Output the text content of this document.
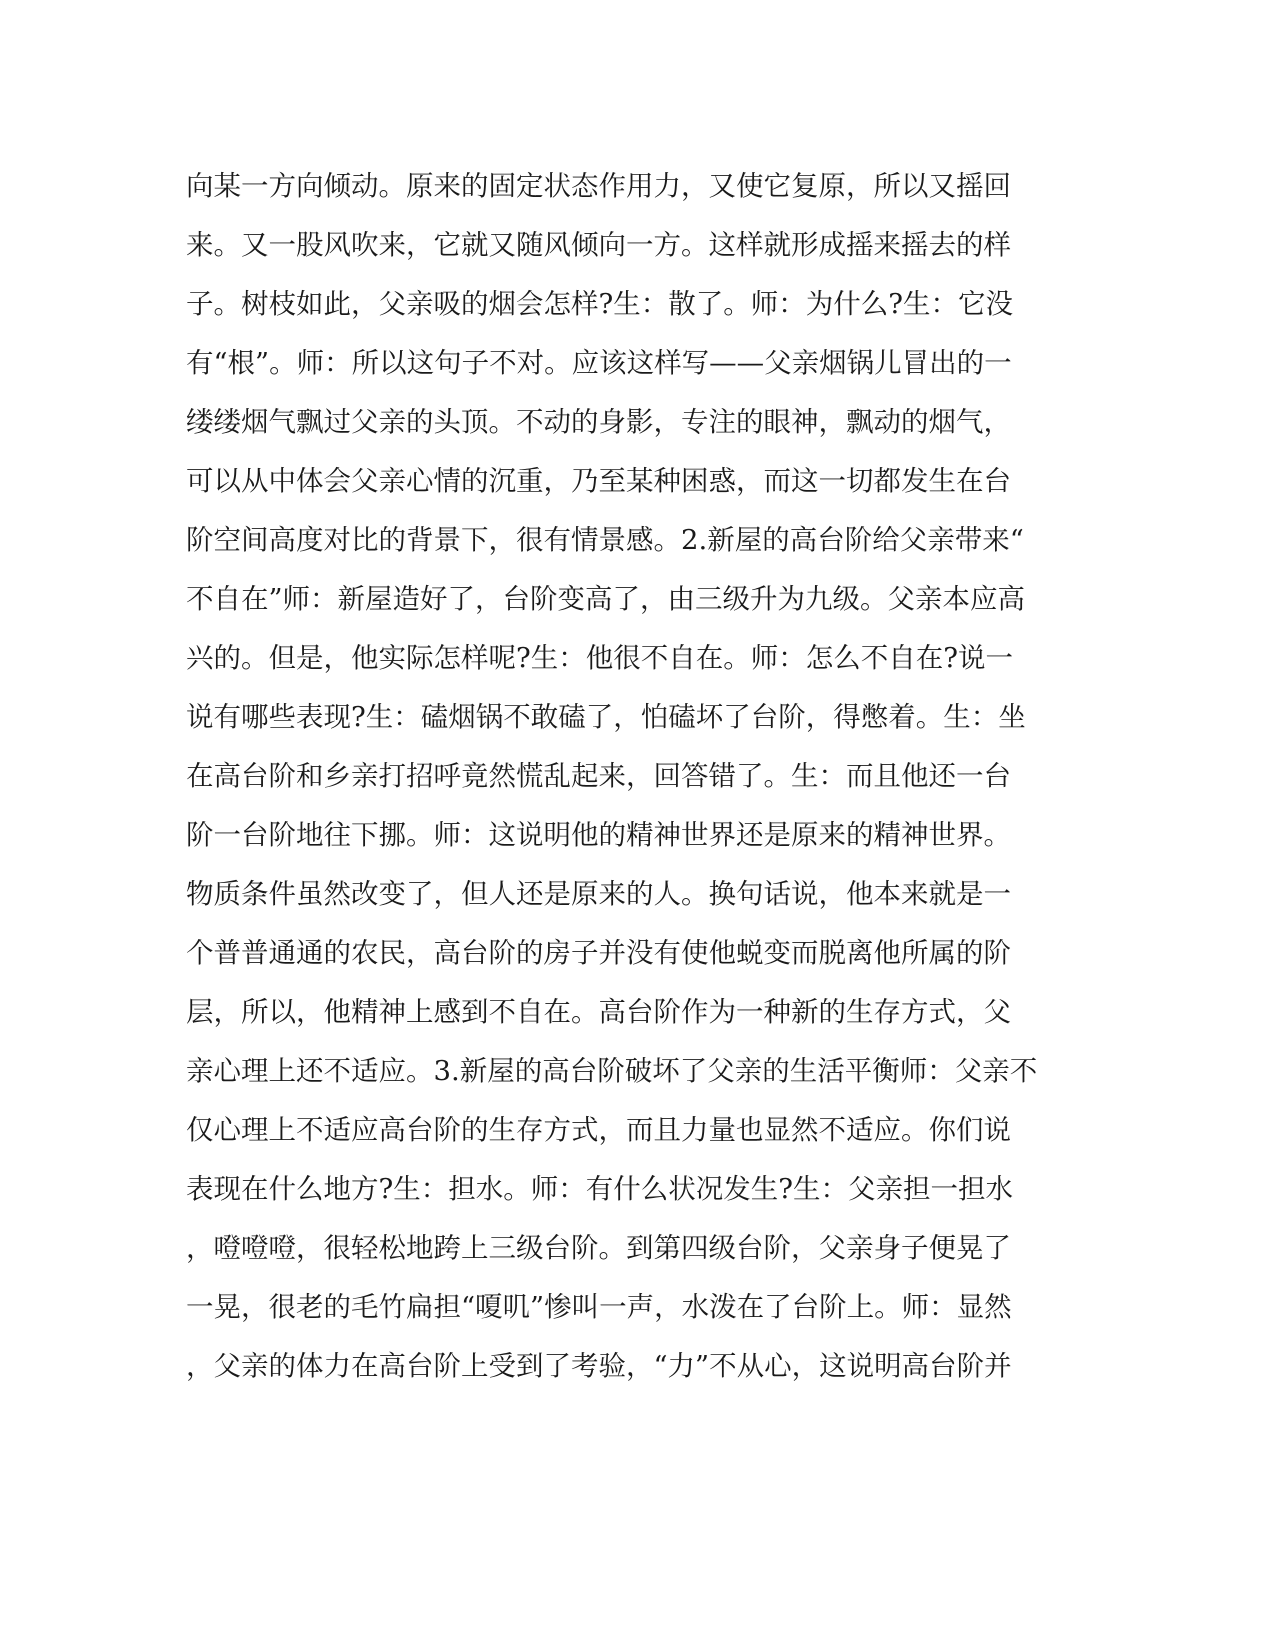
向某一方向倾动。原来的固定状态作用力，又使它复原，所以又摇回
来。又一股风吹来，它就又随风倾向一方。这样就形成摇来摇去的样
子。树枝如此，父亲吸的烟会怎样?生：散了。师：为什么?生：它没
有“根”。师：所以这句子不对。应该这样写——父亲烟锅儿冒出的一
缕缕烟气飘过父亲的头顶。不动的身影，专注的眼神，飘动的烟气，
可以从中体会父亲心情的沉重，乃至某种困惑，而这一切都发生在台
阶空间高度对比的背景下，很有情景感。2.新屋的高台阶给父亲带来“
不自在”师：新屋造好了，台阶变高了，由三级升为九级。父亲本应高
兴的。但是，他实际怎样呢?生：他很不自在。师：怎么不自在?说一
说有哪些表现?生：磕烟锅不敢磕了，怕磕坏了台阶，得憋着。生：坐
在高台阶和乡亲打招呼竟然慌乱起来，回答错了。生：而且他还一台
阶一台阶地往下挪。师：这说明他的精神世界还是原来的精神世界。
物质条件虽然改变了，但人还是原来的人。换句话说，他本来就是一
个普普通通的农民，高台阶的房子并没有使他蜕变而脱离他所属的阶
层，所以，他精神上感到不自在。高台阶作为一种新的生存方式，父
亲心理上还不适应。3.新屋的高台阶破坏了父亲的生活平衡师：父亲不
仅心理上不适应高台阶的生存方式，而且力量也显然不适应。你们说
表现在什么地方?生：担水。师：有什么状况发生?生：父亲担一担水
，噔噔噔，很轻松地跨上三级台阶。到第四级台阶，父亲身子便晃了
一晃，很老的毛竹扁担“嗄叽”惨叫一声，水泼在了台阶上。师：显然
，父亲的体力在高台阶上受到了考验，“力”不从心，这说明高台阶并
